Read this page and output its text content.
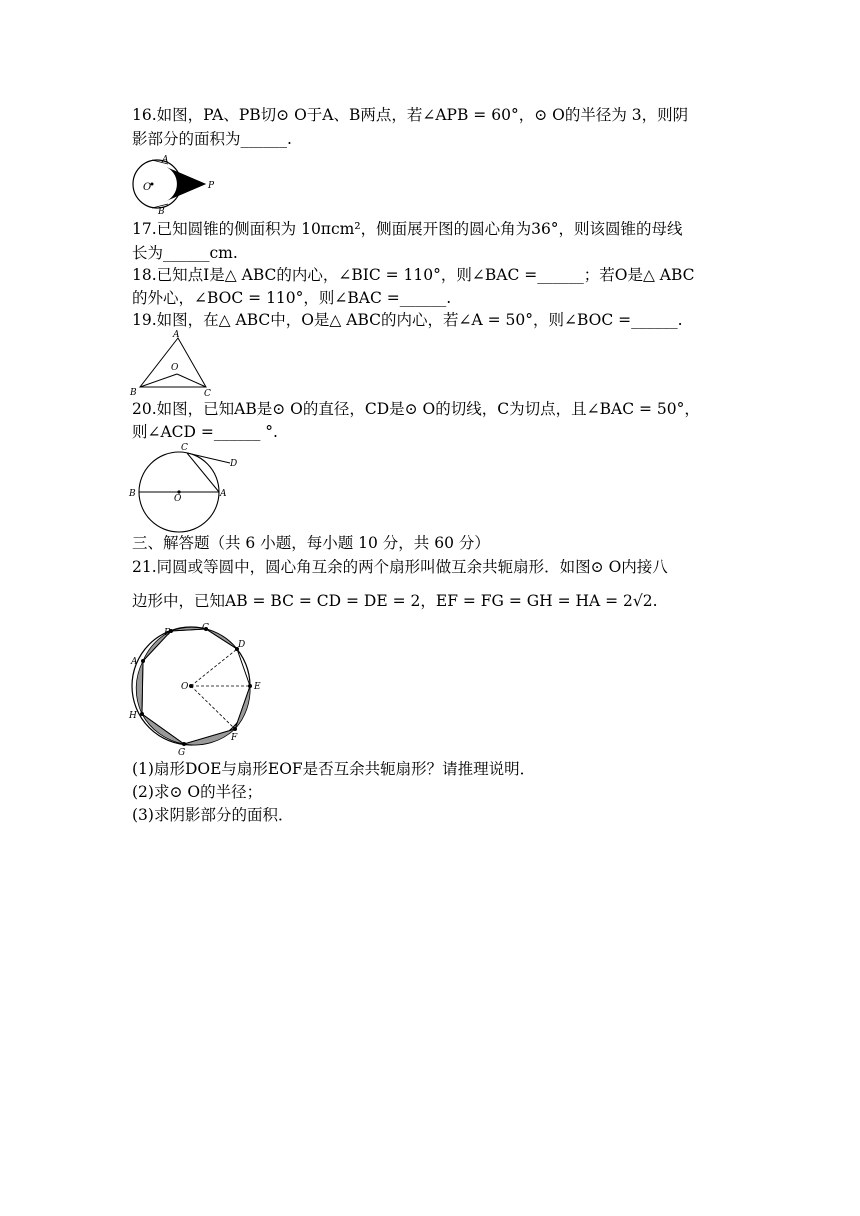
16.如图，PA、PB切⊙ O于A、B两点，若∠APB = 60°，⊙ O的半径为 3，则阴
影部分的面积为______.
A
B
O	P
17.已知圆锥的侧面积为 10πcm²，侧面展开图的圆心角为36°，则该圆锥的母线
长为______cm.
18.已知点I是△ ABC的内心，∠BIC = 110°，则∠BAC =______；若O是△ ABC
的外心，∠BOC = 110°，则∠BAC =______.
19.如图，在△ ABC中，O是△ ABC的内心，若∠A = 50°，则∠BOC =______.
A
B	C
O
20.如图，已知AB是⊙ O的直径，CD是⊙ O的切线，C为切点，且∠BAC = 50°，
则∠ACD =______ °.
C
D
B	A
O
三、解答题（共 6 小题，每小题 10 分，共 60 分）
21.同圆或等圆中，圆心角互余的两个扇形叫做互余共轭扇形．如图⊙ O内接八
边形中，已知AB = BC = CD = DE = 2，EF = FG = GH = HA = 2√2.
A
B	C
D
E
F
G
H
O
(1)扇形DOE与扇形EOF是否互余共轭扇形？请推理说明．
(2)求⊙ O的半径；
(3)求阴影部分的面积．
